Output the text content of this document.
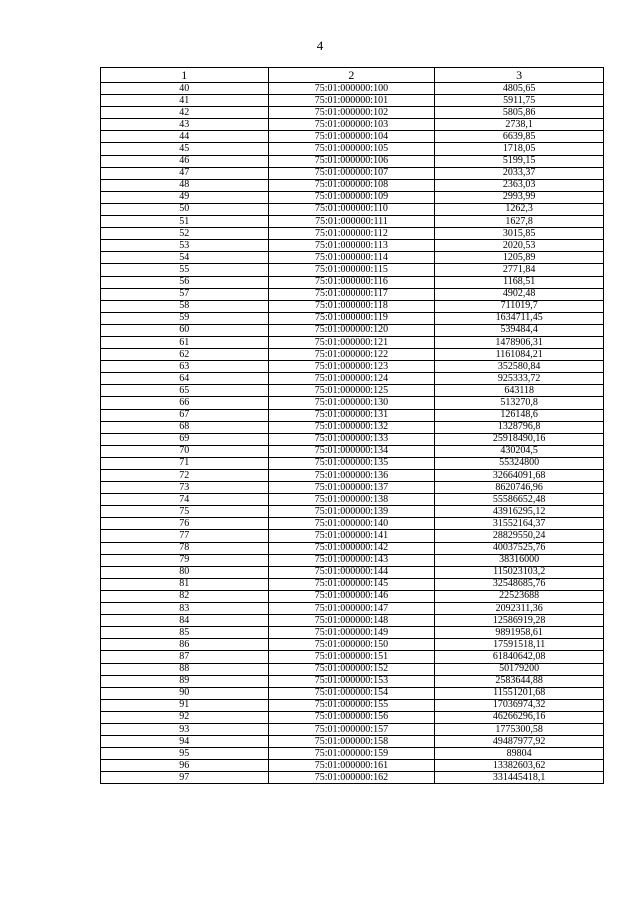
4
1	2	3
40	75:01:000000:100	4805,65
41	75:01:000000:101	5911,75
42	75:01:000000:102	5805,86
43	75:01:000000:103	2738,1
44	75:01:000000:104	6639,85
45	75:01:000000:105	1718,05
46	75:01:000000:106	5199,15
47	75:01:000000:107	2033,37
48	75:01:000000:108	2363,03
49	75:01:000000:109	2993,99
50	75:01:000000:110	1262,3
51	75:01:000000:111	1627,8
52	75:01:000000:112	3015,85
53	75:01:000000:113	2020,53
54	75:01:000000:114	1205,89
55	75:01:000000:115	2771,84
56	75:01:000000:116	1168,51
57	75:01:000000:117	4902,48
58	75:01:000000:118	711019,7
59	75:01:000000:119	1634711,45
60	75:01:000000:120	539484,4
61	75:01:000000:121	1478906,31
62	75:01:000000:122	1161084,21
63	75:01:000000:123	352580,84
64	75:01:000000:124	925333,72
65	75:01:000000:125	643118
66	75:01:000000:130	513270,8
67	75:01:000000:131	126148,6
68	75:01:000000:132	1328796,8
69	75:01:000000:133	25918490,16
70	75:01:000000:134	430204,5
71	75:01:000000:135	55324800
72	75:01:000000:136	32664091,68
73	75:01:000000:137	8620746,96
74	75:01:000000:138	55586652,48
75	75:01:000000:139	43916295,12
76	75:01:000000:140	31552164,37
77	75:01:000000:141	28829550,24
78	75:01:000000:142	40037525,76
79	75:01:000000:143	38316000
80	75:01:000000:144	115023103,2
81	75:01:000000:145	32548685,76
82	75:01:000000:146	22523688
83	75:01:000000:147	2092311,36
84	75:01:000000:148	12586919,28
85	75:01:000000:149	9891958,61
86	75:01:000000:150	17591518,11
87	75:01:000000:151	61840642,08
88	75:01:000000:152	50179200
89	75:01:000000:153	2583644,88
90	75:01:000000:154	11551201,68
91	75:01:000000:155	17036974,32
92	75:01:000000:156	46266296,16
93	75:01:000000:157	1775300,58
94	75:01:000000:158	49487977,92
95	75:01:000000:159	89804
96	75:01:000000:161	13382603,62
97	75:01:000000:162	331445418,1
